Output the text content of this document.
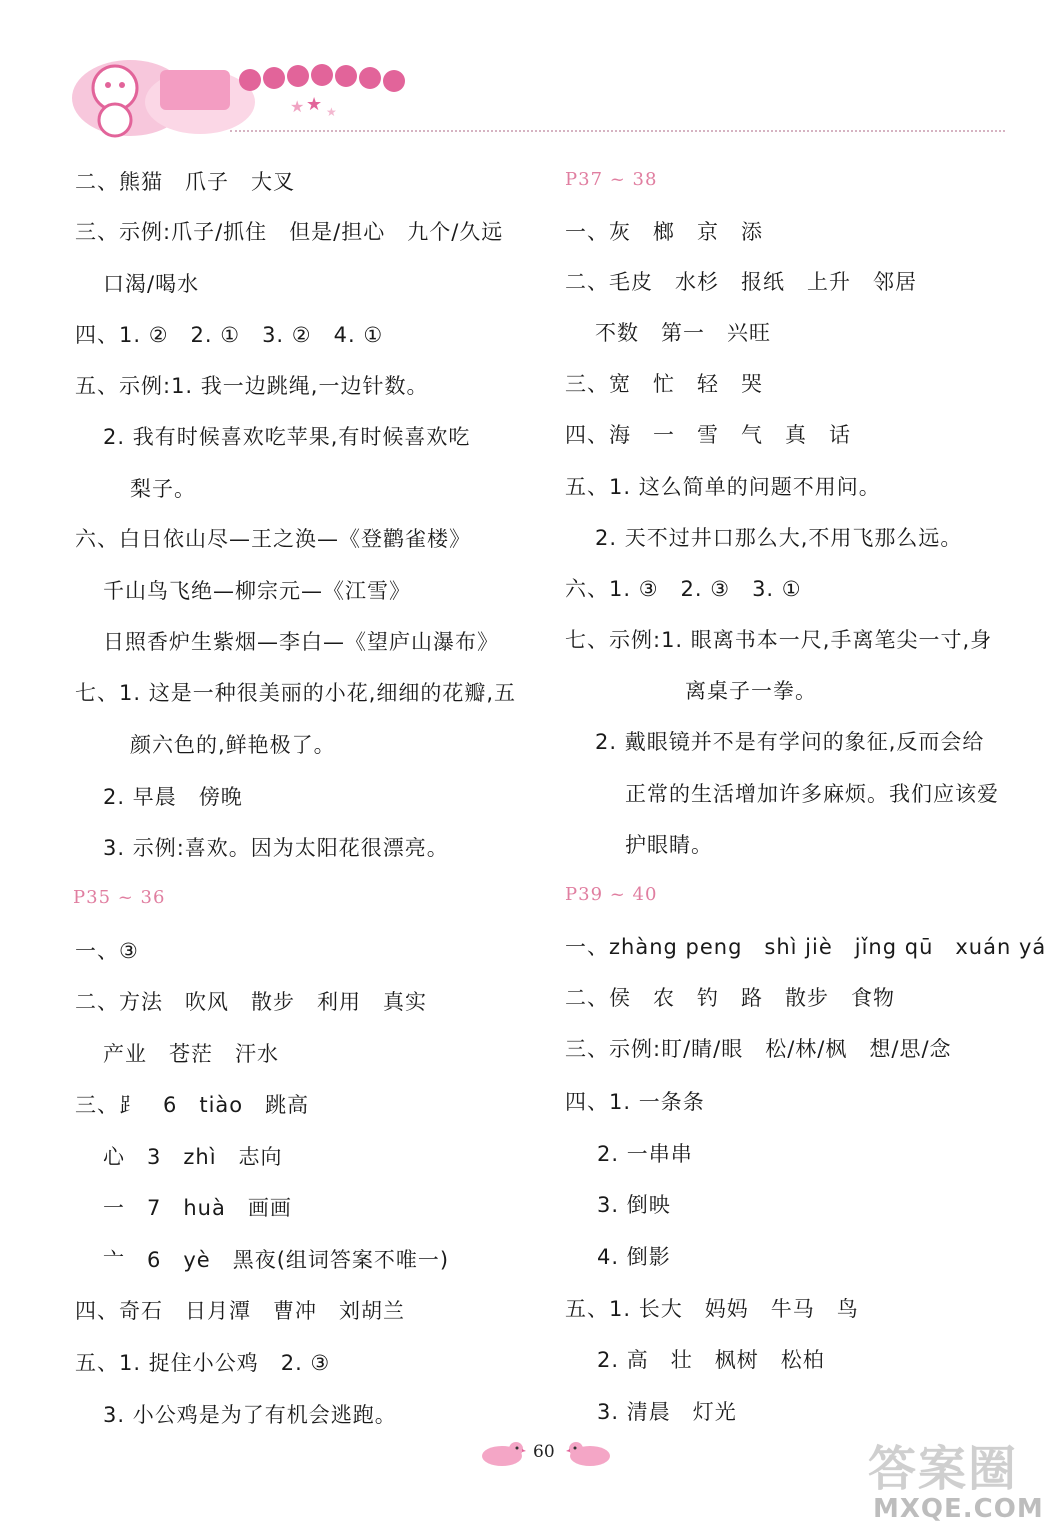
★ ★ ★
二、熊猫　爪子　大叉
三、示例:爪子/抓住　但是/担心　九个/久远
口渴/喝水
四、1. ②　2. ①　3. ②　4. ①
五、示例:1. 我一边跳绳,一边针数。
2. 我有时候喜欢吃苹果,有时候喜欢吃
梨子。
六、白日依山尽—王之涣—《登鹳雀楼》
千山鸟飞绝—柳宗元—《江雪》
日照香炉生紫烟—李白—《望庐山瀑布》
七、1. 这是一种很美丽的小花,细细的花瓣,五
颜六色的,鲜艳极了。
2. 早晨　傍晚
3. 示例:喜欢。因为太阳花很漂亮。
P35 ~ 36
一、③
二、方法　吹风　散步　利用　真实
产业　苍茫　汗水
三、⻊　6　tiào　跳高
心　3　zhì　志向
一　7　huà　画画
亠　6　yè　黑夜(组词答案不唯一)
四、奇石　日月潭　曹冲　刘胡兰
五、1. 捉住小公鸡　2. ③
3. 小公鸡是为了有机会逃跑。
P37 ~ 38
一、灰　榔　京　添
二、毛皮　水杉　报纸　上升　邻居
不数　第一　兴旺
三、宽　忙　轻　哭
四、海　一　雪　气　真　话
五、1. 这么简单的问题不用问。
2. 天不过井口那么大,不用飞那么远。
六、1. ③　2. ③　3. ①
七、示例:1. 眼离书本一尺,手离笔尖一寸,身
离桌子一拳。
2. 戴眼镜并不是有学问的象征,反而会给
正常的生活增加许多麻烦。我们应该爱
护眼睛。
P39 ~ 40
一、zhàng peng　shì jiè　jǐng qū　xuán yá
二、侯　农　钓　路　散步　食物
三、示例:盯/睛/眼　松/林/枫　想/思/念
四、1. 一条条
2. 一串串
3. 倒映
4. 倒影
五、1. 长大　妈妈　牛马　鸟
2. 高　壮　枫树　松柏
3. 清晨　灯光
60	答案圈
MXQE.COM
